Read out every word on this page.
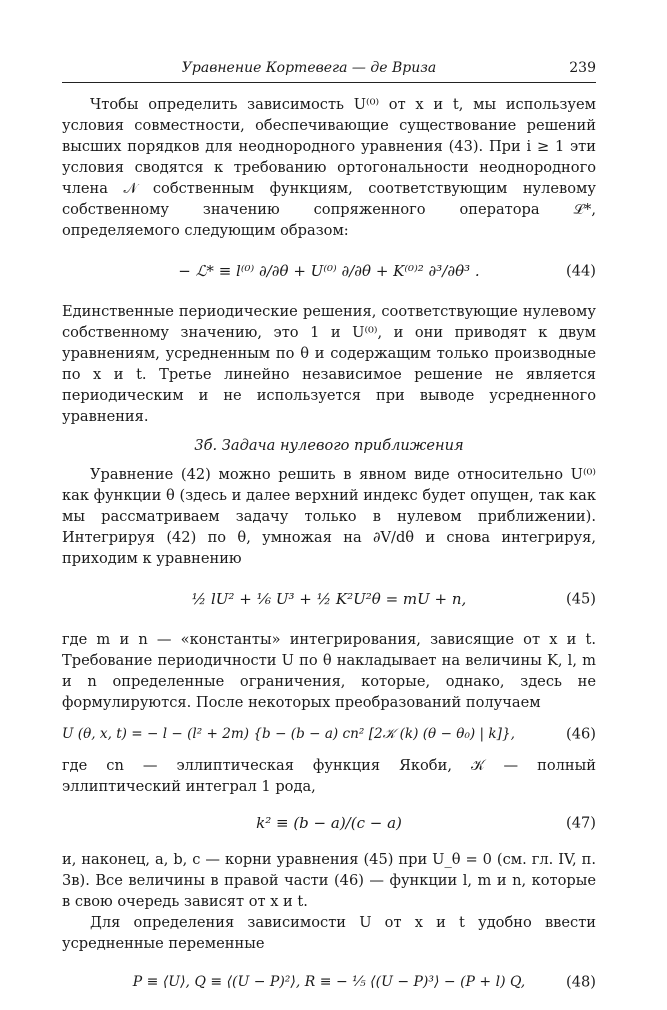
Уравнение Кортевега — де Вриза	239

Чтобы определить зависимость U⁽⁰⁾ от x и t, мы используем условия совместности, обеспечивающие существование решений высших порядков для неоднородного уравнения (43). При i ≥ 1 эти условия сводятся к требованию ортогональности неоднородного члена 𝒩 собственным функциям, соответствующим нулевому собственному значению сопряженного оператора ℒ*, определяемого следующим образом:

− ℒ* ≡ l⁽⁰⁾ ∂/∂θ + U⁽⁰⁾ ∂/∂θ + K⁽⁰⁾² ∂³/∂θ³ .	(44)

Единственные периодические решения, соответствующие нулевому собственному значению, это 1 и U⁽⁰⁾, и они приводят к двум уравнениям, усредненным по θ и содержащим только производные по x и t. Третье линейно независимое решение не является периодическим и не используется при выводе усредненного уравнения.

3б. Задача нулевого приближения

Уравнение (42) можно решить в явном виде относительно U⁽⁰⁾ как функции θ (здесь и далее верхний индекс будет опущен, так как мы рассматриваем задачу только в нулевом приближении). Интегрируя (42) по θ, умножая на ∂V/dθ и снова интегрируя, приходим к уравнению

½ lU² + ⅙ U³ + ½ K²U²θ = mU + n,	(45)

где m и n — «константы» интегрирования, зависящие от x и t. Требование периодичности U по θ накладывает на величины K, l, m и n определенные ограничения, которые, однако, здесь не формулируются. После некоторых преобразований получаем

U (θ, x, t) = − l − (l² + 2m) {b − (b − a) cn² [2𝒦 (k) (θ − θ₀) | k]},	(46)

где cn — эллиптическая функция Якоби, 𝒦 — полный эллиптический интеграл 1 рода,

k² ≡ (b − a)/(c − a)	(47)

и, наконец, a, b, c — корни уравнения (45) при U_θ = 0 (см. гл. IV, п. 3в). Все величины в правой части (46) — функции l, m и n, которые в свою очередь зависят от x и t.

Для определения зависимости U от x и t удобно ввести усредненные переменные

P ≡ ⟨U⟩, Q ≡ ⟨(U − P)²⟩, R ≡ − ⅕ ⟨(U − P)³⟩ − (P + l) Q,	(48)
